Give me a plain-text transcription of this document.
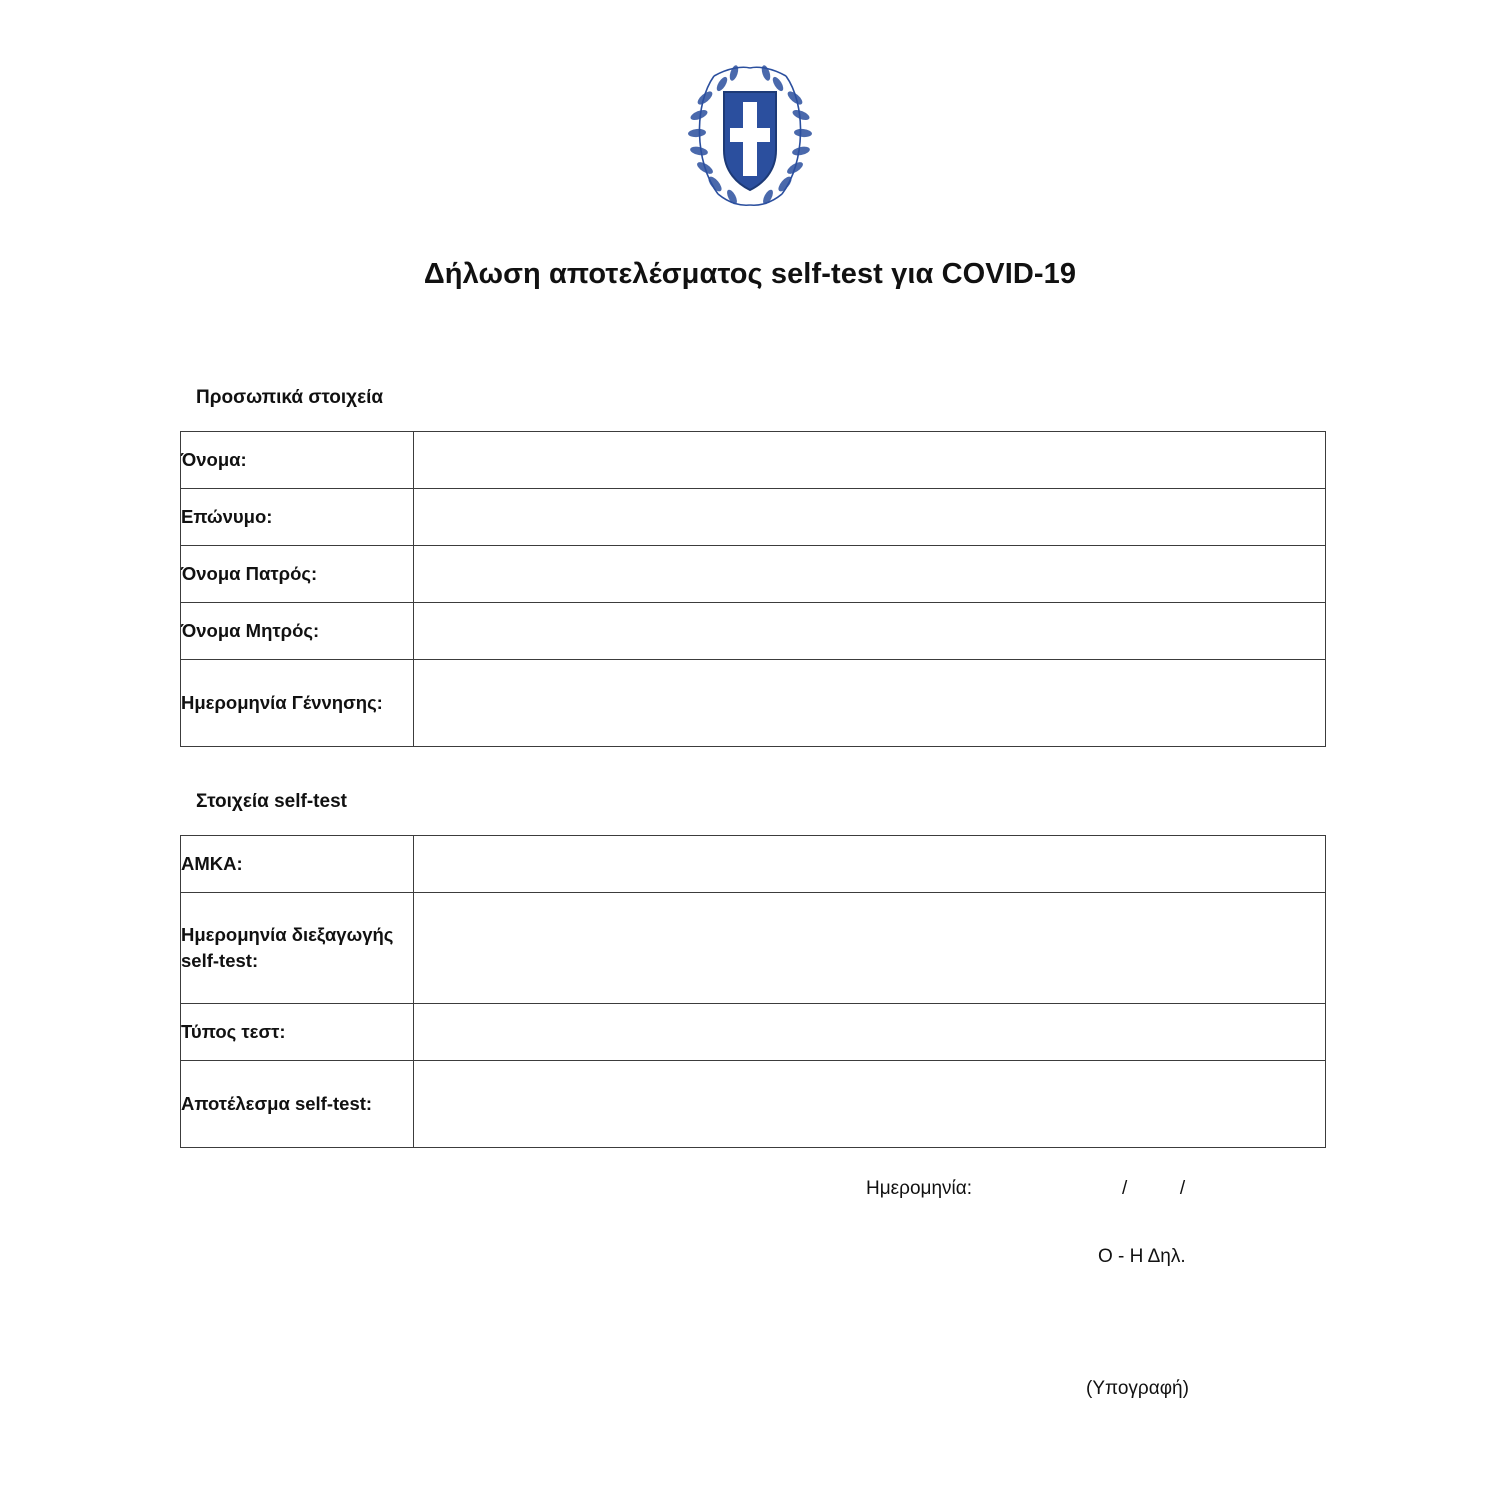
Δήλωση αποτελέσματος self-test για COVID-19
Προσωπικά στοιχεία
Όνομα:	
Επώνυμο:	
Όνομα Πατρός:	
Όνομα Μητρός:	
Ημερομηνία Γέννησης:	
Στοιχεία self-test
ΑΜΚΑ:	
Ημερομηνία διεξαγωγής self-test:	
Τύπος τεστ:	
Αποτέλεσμα self-test:	
Ημερομηνία:	/  /
Ο - Η Δηλ.
(Υπογραφή)
